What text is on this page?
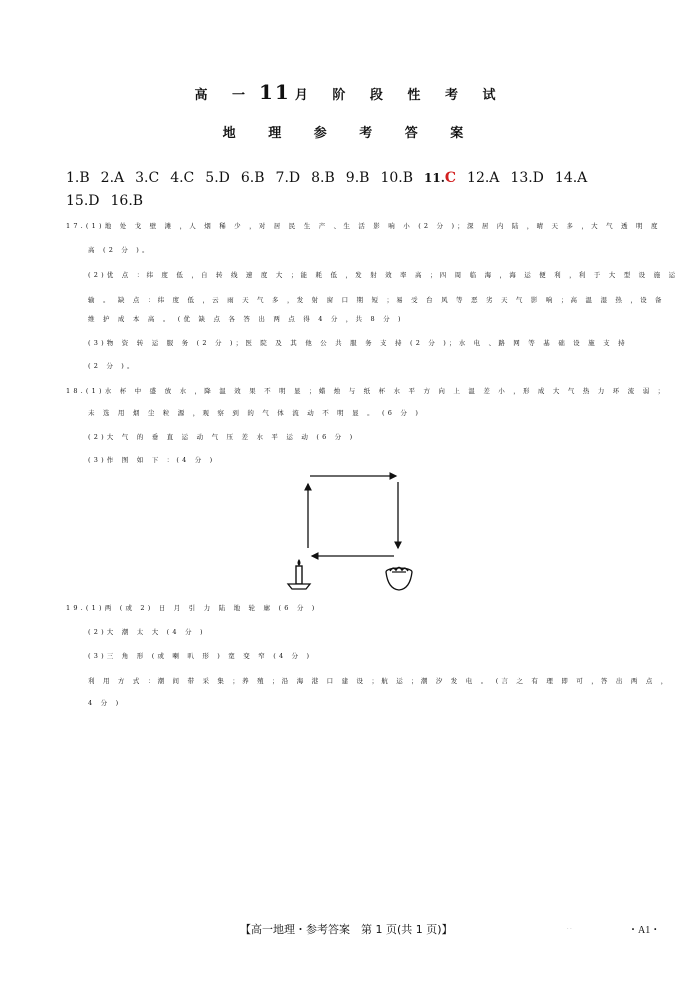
高 一 11 月 阶 段 性 考 试
地 理 参 考 答 案
1.B 2.A 3.C 4.C 5.D 6.B 7.D 8.B 9.B 10.B 11.C 12.A 13.D 14.A
15.D 16.B
17.(1)地 处 戈 壁 滩 ，人 烟 稀 少 ，对 居 民 生 产 、生 活 影 响 小 (2 分 )；深 居 内 陆 ，晴 天 多 ，大 气 透 明 度
高 (2 分 )。
(2)优 点 ：纬 度 低 ，自 转 线 速 度 大 ；能 耗 低 ，发 射 效 率 高 ；四 周 临 海 ，海 运 便 利 ，利 于 大 型 设 施 运
输 。 缺 点 ：纬 度 低 ，云 雨 天 气 多 ，发 射 窗 口 期 短 ；易 受 台 风 等 恶 劣 天 气 影 响 ；高 温 湿 热 ，设 备
维 护 成 本 高 。 (优 缺 点 各 答 出 两 点 得 4 分 ，共 8 分 )
(3)物 资 转 运 服 务 (2 分 )；医 院 及 其 他 公 共 服 务 支 持 (2 分 )；水 电 、路 网 等 基 础 设 施 支 持
(2 分 )。
18.(1)水 杯 中 盛 放 水 ，降 温 效 果 不 明 显 ；蜡 烛 与 纸 杯 水 平 方 向 上 温 差 小 ，形 成 大 气 热 力 环 流 弱 ；
未 选 用 烟 尘 粒 源 ，观 察 到 的 气 体 流 动 不 明 显 。 (6 分 )
(2)大 气 的 垂 直 运 动 气 压 差 水 平 运 动 (6 分 )
(3)作 图 如 下 ：(4 分 )
19.(1)两 (或 2) 日 月 引 力 陆 地 轮 廓 (6 分 )
(2)大 潮 太 大 (4 分 )
(3)三 角 形 (或 喇 叭 形 ) 宽 变 窄 (4 分 )
利 用 方 式 ：潮 间 带 采 集 ；养 殖 ；沿 海 港 口 建 设 ；航 运 ；潮 汐 发 电 。 (言 之 有 理 即 可 ，答 出 两 点 ，
4 分 )
【高一地理・参考答案　第 1 页(共 1 页)】	. .	・A1・
